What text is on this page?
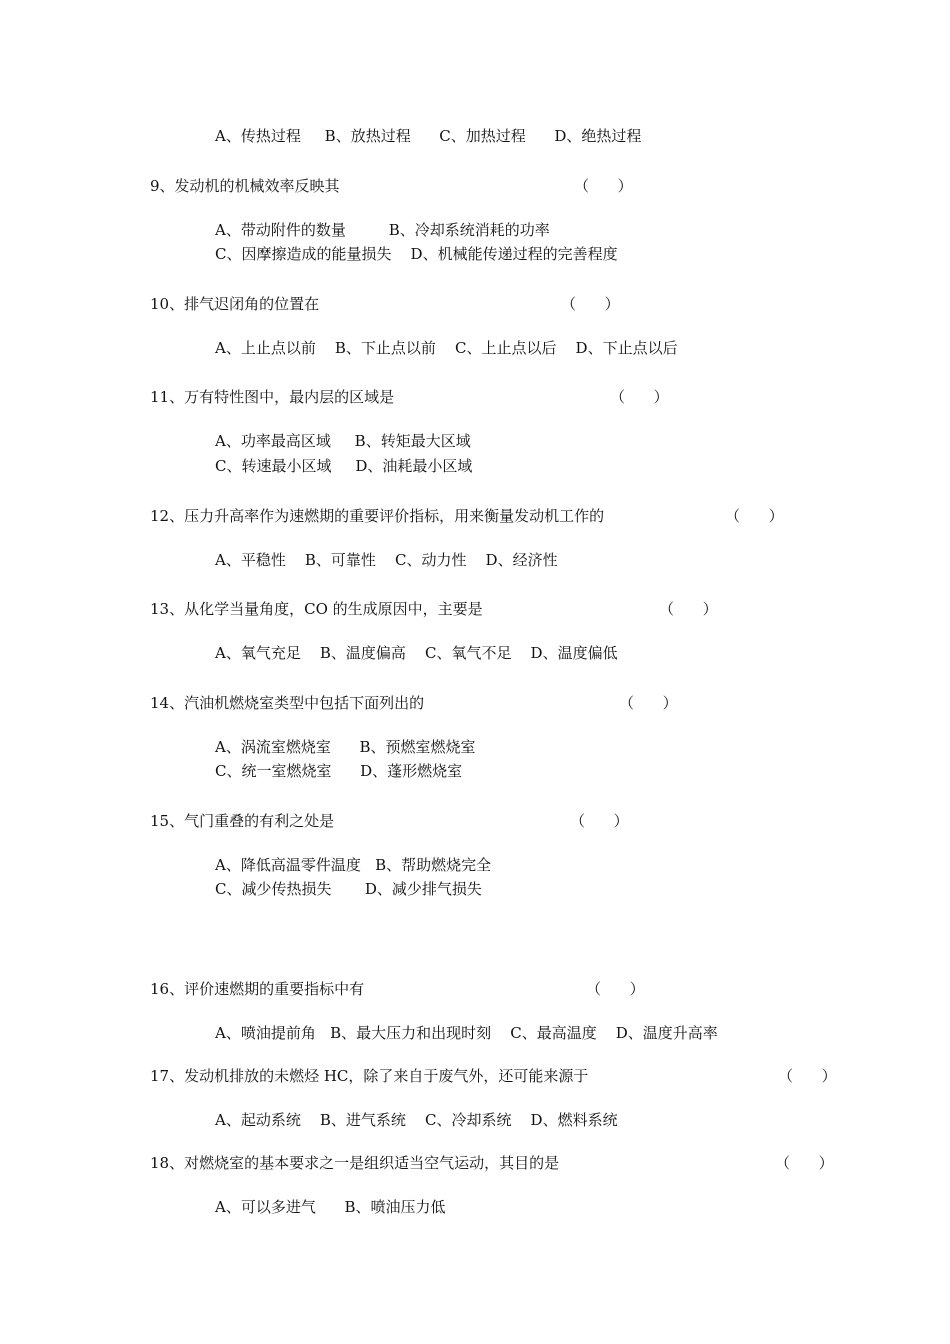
A、传热过程     B、放热过程      C、加热过程      D、绝热过程
9、发动机的机械效率反映其	（      ）
A、带动附件的数量         B、冷却系统消耗的功率
C、因摩擦造成的能量损失    D、机械能传递过程的完善程度
10、排气迟闭角的位置在	（      ）
A、上止点以前    B、下止点以前    C、上止点以后    D、下止点以后
11、万有特性图中，最内层的区域是	（      ）
A、功率最高区域     B、转矩最大区域
C、转速最小区域     D、油耗最小区域
12、压力升高率作为速燃期的重要评价指标，用来衡量发动机工作的	（      ）
A、平稳性    B、可靠性    C、动力性    D、经济性
13、从化学当量角度，CO 的生成原因中，主要是	（      ）
A、氧气充足    B、温度偏高    C、氧气不足    D、温度偏低
14、汽油机燃烧室类型中包括下面列出的	（      ）
A、涡流室燃烧室      B、预燃室燃烧室
C、统一室燃烧室      D、蓬形燃烧室
15、气门重叠的有利之处是	（      ）
A、降低高温零件温度   B、帮助燃烧完全
C、减少传热损失       D、减少排气损失
16、评价速燃期的重要指标中有	（      ）
A、喷油提前角   B、最大压力和出现时刻    C、最高温度    D、温度升高率
17、发动机排放的未燃烃 HC，除了来自于废气外，还可能来源于	（      ）
A、起动系统    B、进气系统    C、冷却系统    D、燃料系统
18、对燃烧室的基本要求之一是组织适当空气运动，其目的是	（      ）
A、可以多进气      B、喷油压力低
